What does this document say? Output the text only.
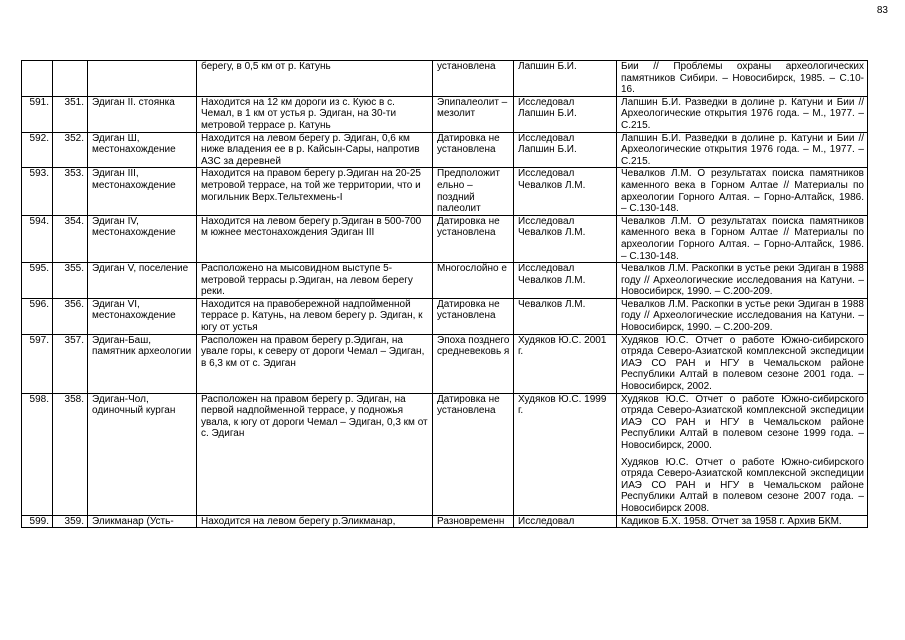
83

			берегу, в 0,5 км от р. Катунь	установлена	Лапшин Б.И.	Бии // Проблемы охраны археологических памятников Сибири. – Новосибирск, 1985. – С.10-16.

591.	351.	Эдиган II. стоянка	Находится на 12 км дороги из с. Куюс в с. Чемал, в 1 км от устья р. Эдиган, на 30-ти метровой террасе р. Катунь	Эпипалеолит – мезолит	Исследовал Лапшин Б.И.	Лапшин Б.И. Разведки в долине р. Катуни и Бии //Археологические открытия 1976 года. – М., 1977. – С.215.

592.	352.	Эдиган Ш, местонахождение	Находится на левом берегу р. Эдиган, 0,6 км ниже владения ее в р. Кайсын-Сары, напротив АЗС за деревней	Датировка не установлена	Исследовал Лапшин Б.И.	Лапшин Б.И. Разведки в долине р. Катуни и Бии //Археологические открытия 1976 года. – М., 1977. – С.215.

593.	353.	Эдиган III, местонахождение	Находится на правом берегу р.Эдиган на 20-25 метровой террасе, на той же территории, что и могильник Верх.Тельтехмень-I	Предположит ельно – поздний палеолит	Исследовал Чевалков Л.М.	Чевалков Л.М. О результатах поиска памятников каменного века в Горном Алтае // Материалы по археологии Горного Алтая. – Горно-Алтайск, 1986. – С.130-148.

594.	354.	Эдиган IV, местонахождение	Находится на левом берегу р.Эдиган в 500-700 м южнее местонахождения Эдиган III	Датировка не установлена	Исследовал Чевалков Л.М.	Чевалков Л.М. О результатах поиска памятников каменного века в Горном Алтае // Материалы по археологии Горного Алтая. – Горно-Алтайск, 1986. – С.130-148.

595.	355.	Эдиган V, поселение	Расположено на мысовидном выступе 5-метровой террасы р.Эдиган, на левом берегу реки.	Многослойно е	Исследовал Чевалков Л.М.	Чевалков Л.М. Раскопки в устье реки Эдиган в 1988 году // Археологические исследования на Катуни. – Новосибирск, 1990. – С.200-209.

596.	356.	Эдиган VI, местонахождение	Находится на правобережной надпойменной террасе р. Катунь, на левом берегу р. Эдиган, к югу от устья	Датировка не установлена	Чевалков Л.М.	Чевалков Л.М. Раскопки в устье реки Эдиган в 1988 году // Археологические исследования на Катуни. –Новосибирск, 1990. – С.200-209.

597.	357.	Эдиган-Баш, памятник археологии	Расположен на правом берегу р.Эдиган, на увале горы, к северу от дороги Чемал – Эдиган, в 6,3 км от с. Эдиган	Эпоха позднего средневековь я	Худяков Ю.С. 2001 г.	Худяков Ю.С. Отчет о работе Южно-сибирского отряда Северо-Азиатской комплексной экспедиции ИАЭ СО РАН и НГУ в Чемальском районе Республики Алтай в полевом сезоне 2001 года. – Новосибирск, 2002.

598.	358.	Эдиган-Чол, одиночный курган	Расположен на правом берегу р. Эдиган, на первой надпойменной террасе, у подножья увала, к югу от дороги Чемал – Эдиган, 0,3 км от с. Эдиган	Датировка не установлена	Худяков Ю.С. 1999 г.	Худяков Ю.С. Отчет о работе Южно-сибирского отряда Северо-Азиатской комплексной экспедиции ИАЭ СО РАН и НГУ в Чемальском районе Республики Алтай в полевом сезоне 1999 года. – Новосибирск, 2000.
Худяков Ю.С. Отчет о работе Южно-сибирского отряда Северо-Азиатской комплексной экспедиции ИАЭ СО РАН и НГУ в Чемальском районе Республики Алтай в полевом сезоне 2007 года. – Новосибирск 2008.

599.	359.	Эликманар (Усть-	Находится на левом берегу р.Эликманар,	Разновременн	Исследовал	Кадиков Б.Х. 1958. Отчет за 1958 г. Архив БКМ.
